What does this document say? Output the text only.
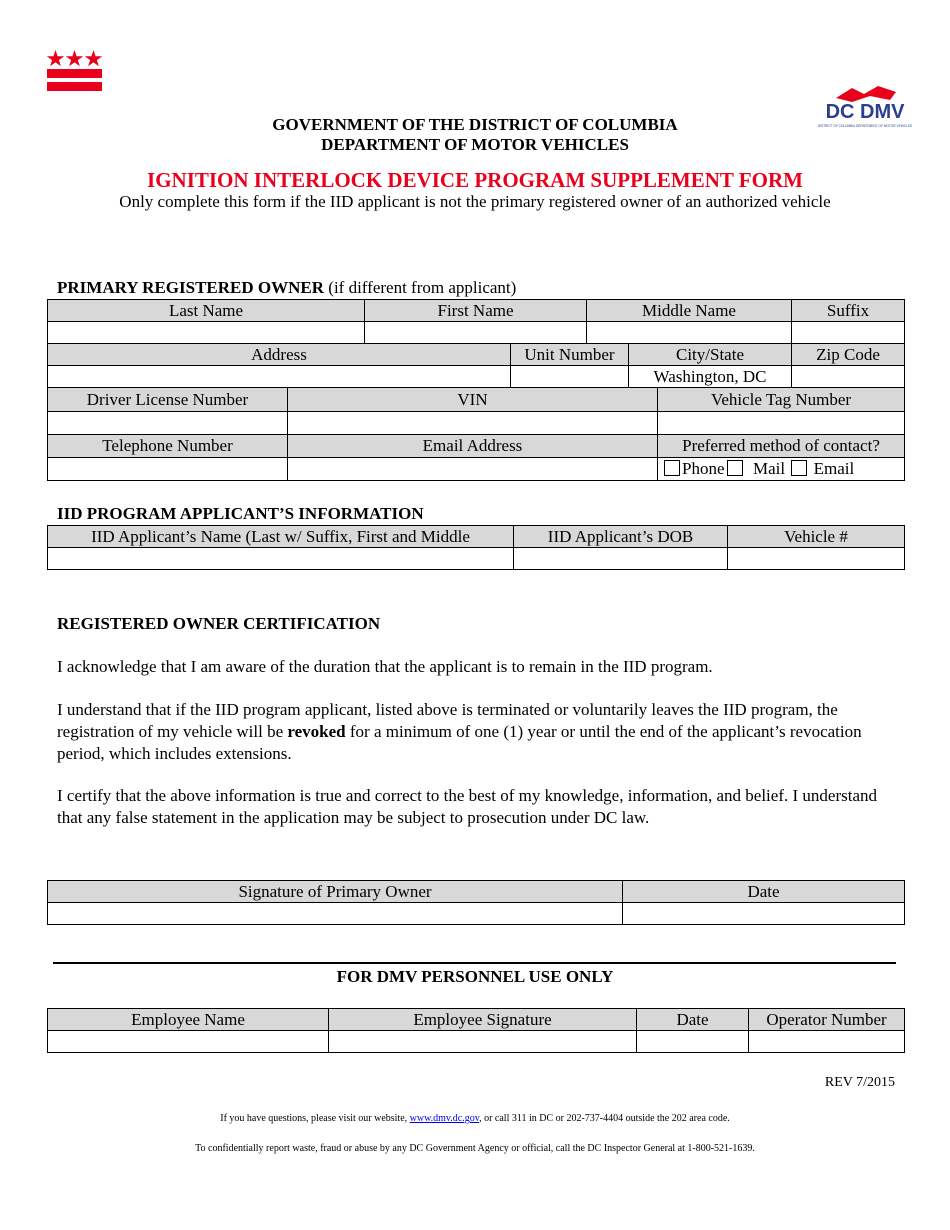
DC DMV
DISTRICT OF COLUMBIA DEPARTMENT OF MOTOR VEHICLES
GOVERNMENT OF THE DISTRICT OF COLUMBIA
DEPARTMENT OF MOTOR VEHICLES
IGNITION INTERLOCK DEVICE PROGRAM SUPPLEMENT FORM
Only complete this form if the IID applicant is not the primary registered owner of an authorized vehicle
PRIMARY REGISTERED OWNER (if different from applicant)
Last Name	First Name	Middle Name	Suffix

Address	Unit Number	City/State	Zip Code
		Washington, DC	
Driver License Number	VIN	Vehicle Tag Number

Telephone Number	Email Address	Preferred method of contact?
		Phone Mail Email
IID PROGRAM APPLICANT’S INFORMATION
IID Applicant’s Name (Last w/ Suffix, First and Middle	IID Applicant’s DOB	Vehicle #

REGISTERED OWNER CERTIFICATION
I acknowledge that I am aware of the duration that the applicant is to remain in the IID program.
I understand that if the IID program applicant, listed above is terminated or voluntarily leaves the IID program, the registration of my vehicle will be revoked for a minimum of one (1) year or until the end of the applicant’s revocation period, which includes extensions.
I certify that the above information is true and correct to the best of my knowledge, information, and belief. I understand that any false statement in the application may be subject to prosecution under DC law.
Signature of Primary Owner	Date

FOR DMV PERSONNEL USE ONLY
Employee Name	Employee Signature	Date	Operator Number

REV 7/2015
If you have questions, please visit our website, www.dmv.dc.gov, or call 311 in DC or 202-737-4404 outside the 202 area code.
To confidentially report waste, fraud or abuse by any DC Government Agency or official, call the DC Inspector General at 1-800-521-1639.
